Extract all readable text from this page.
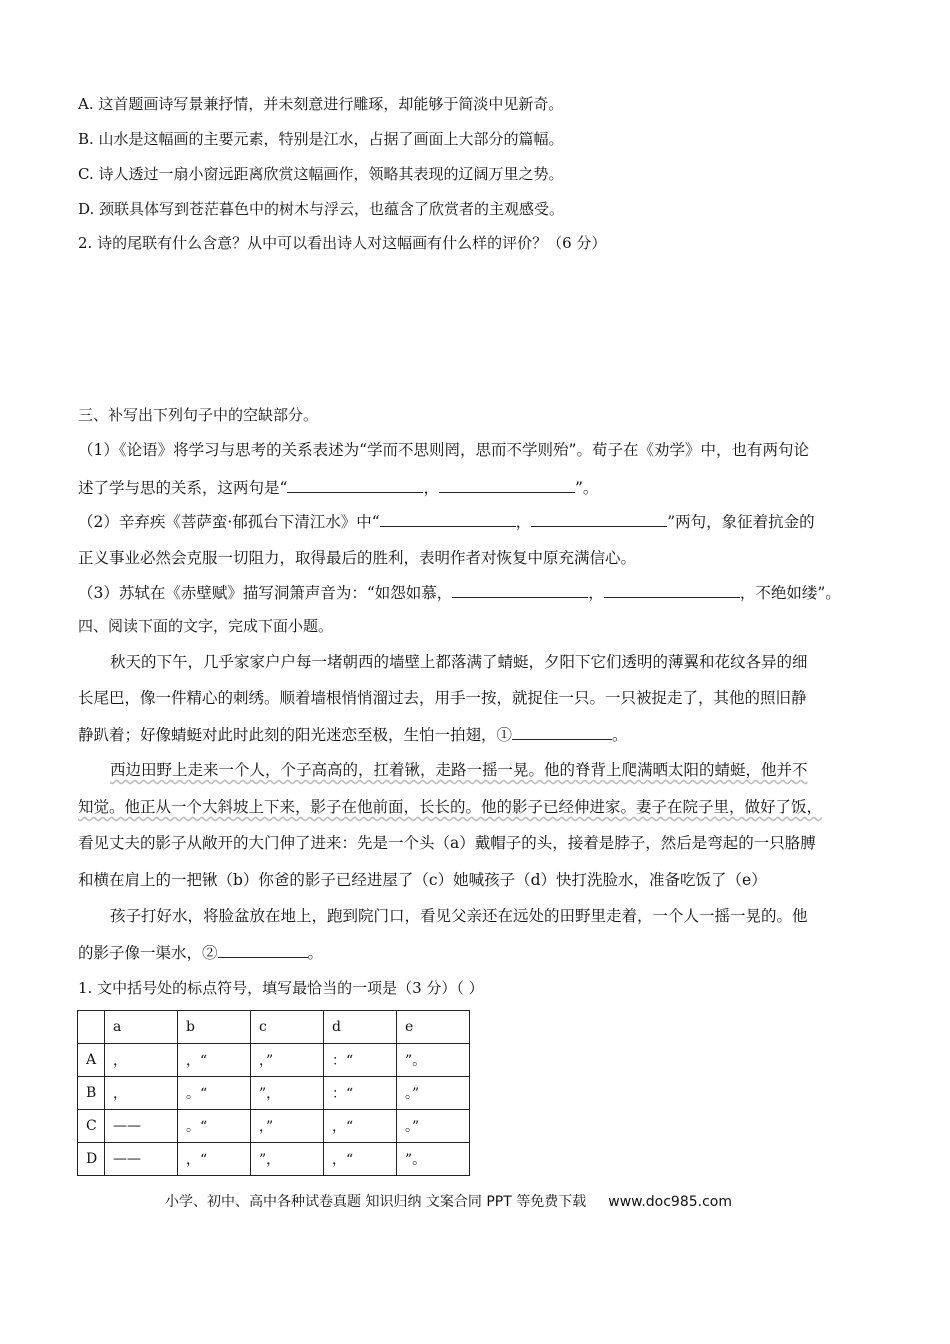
A. 这首题画诗写景兼抒情，并未刻意进行雕琢，却能够于简淡中见新奇。
B. 山水是这幅画的主要元素，特别是江水，占据了画面上大部分的篇幅。
C. 诗人透过一扇小窗远距离欣赏这幅画作，领略其表现的辽阔万里之势。
D. 颈联具体写到苍茫暮色中的树木与浮云，也蕴含了欣赏者的主观感受。
2. 诗的尾联有什么含意？从中可以看出诗人对这幅画有什么样的评价？（6 分）
三、补写出下列句子中的空缺部分。
（1）《论语》将学习与思考的关系表述为“学而不思则罔，思而不学则殆”。荀子在《劝学》中，也有两句论
述了学与思的关系，这两句是“	，	”。
（2）辛弃疾《菩萨蛮·郁孤台下清江水》中“	，	”两句，象征着抗金的
正义事业必然会克服一切阻力，取得最后的胜利，表明作者对恢复中原充满信心。
（3）苏轼在《赤壁赋》描写洞箫声音为：“如怨如慕，	，	，不绝如缕”。
四、阅读下面的文字，完成下面小题。
秋天的下午，几乎家家户户每一堵朝西的墙壁上都落满了蜻蜓，夕阳下它们透明的薄翼和花纹各异的细
长尾巴，像一件精心的刺绣。顺着墙根悄悄溜过去，用手一按，就捉住一只。一只被捉走了，其他的照旧静
静趴着；好像蜻蜓对此时此刻的阳光迷恋至极，生怕一拍翅，①	。
西边田野上走来一个人，个子高高的，扛着锹，走路一摇一晃。他的脊背上爬满晒太阳的蜻蜓，他并不
知觉。他正从一个大斜坡上下来，影子在他前面，长长的。他的影子已经伸进家。妻子在院子里，做好了饭，
看见丈夫的影子从敞开的大门伸了进来：先是一个头（a）戴帽子的头，接着是脖子，然后是弯起的一只胳膊
和横在肩上的一把锹（b）你爸的影子已经进屋了（c）她喊孩子（d）快打洗脸水，准备吃饭了（e）
孩子打好水，将脸盆放在地上，跑到院门口，看见父亲还在远处的田野里走着，一个人一摇一晃的。他
的影子像一渠水，②	。
1. 文中括号处的标点符号，填写最恰当的一项是（3 分）（ ）
	a	b	c	d	e
A	，	，“	，”	：“	”。
B	，	。“	”，	：“	。”
C	——	。“	，”	，“	。”
D	——	，“	”，	，“	”。
小学、初中、高中各种试卷真题 知识归纳 文案合同 PPT 等免费下载 www.doc985.com
